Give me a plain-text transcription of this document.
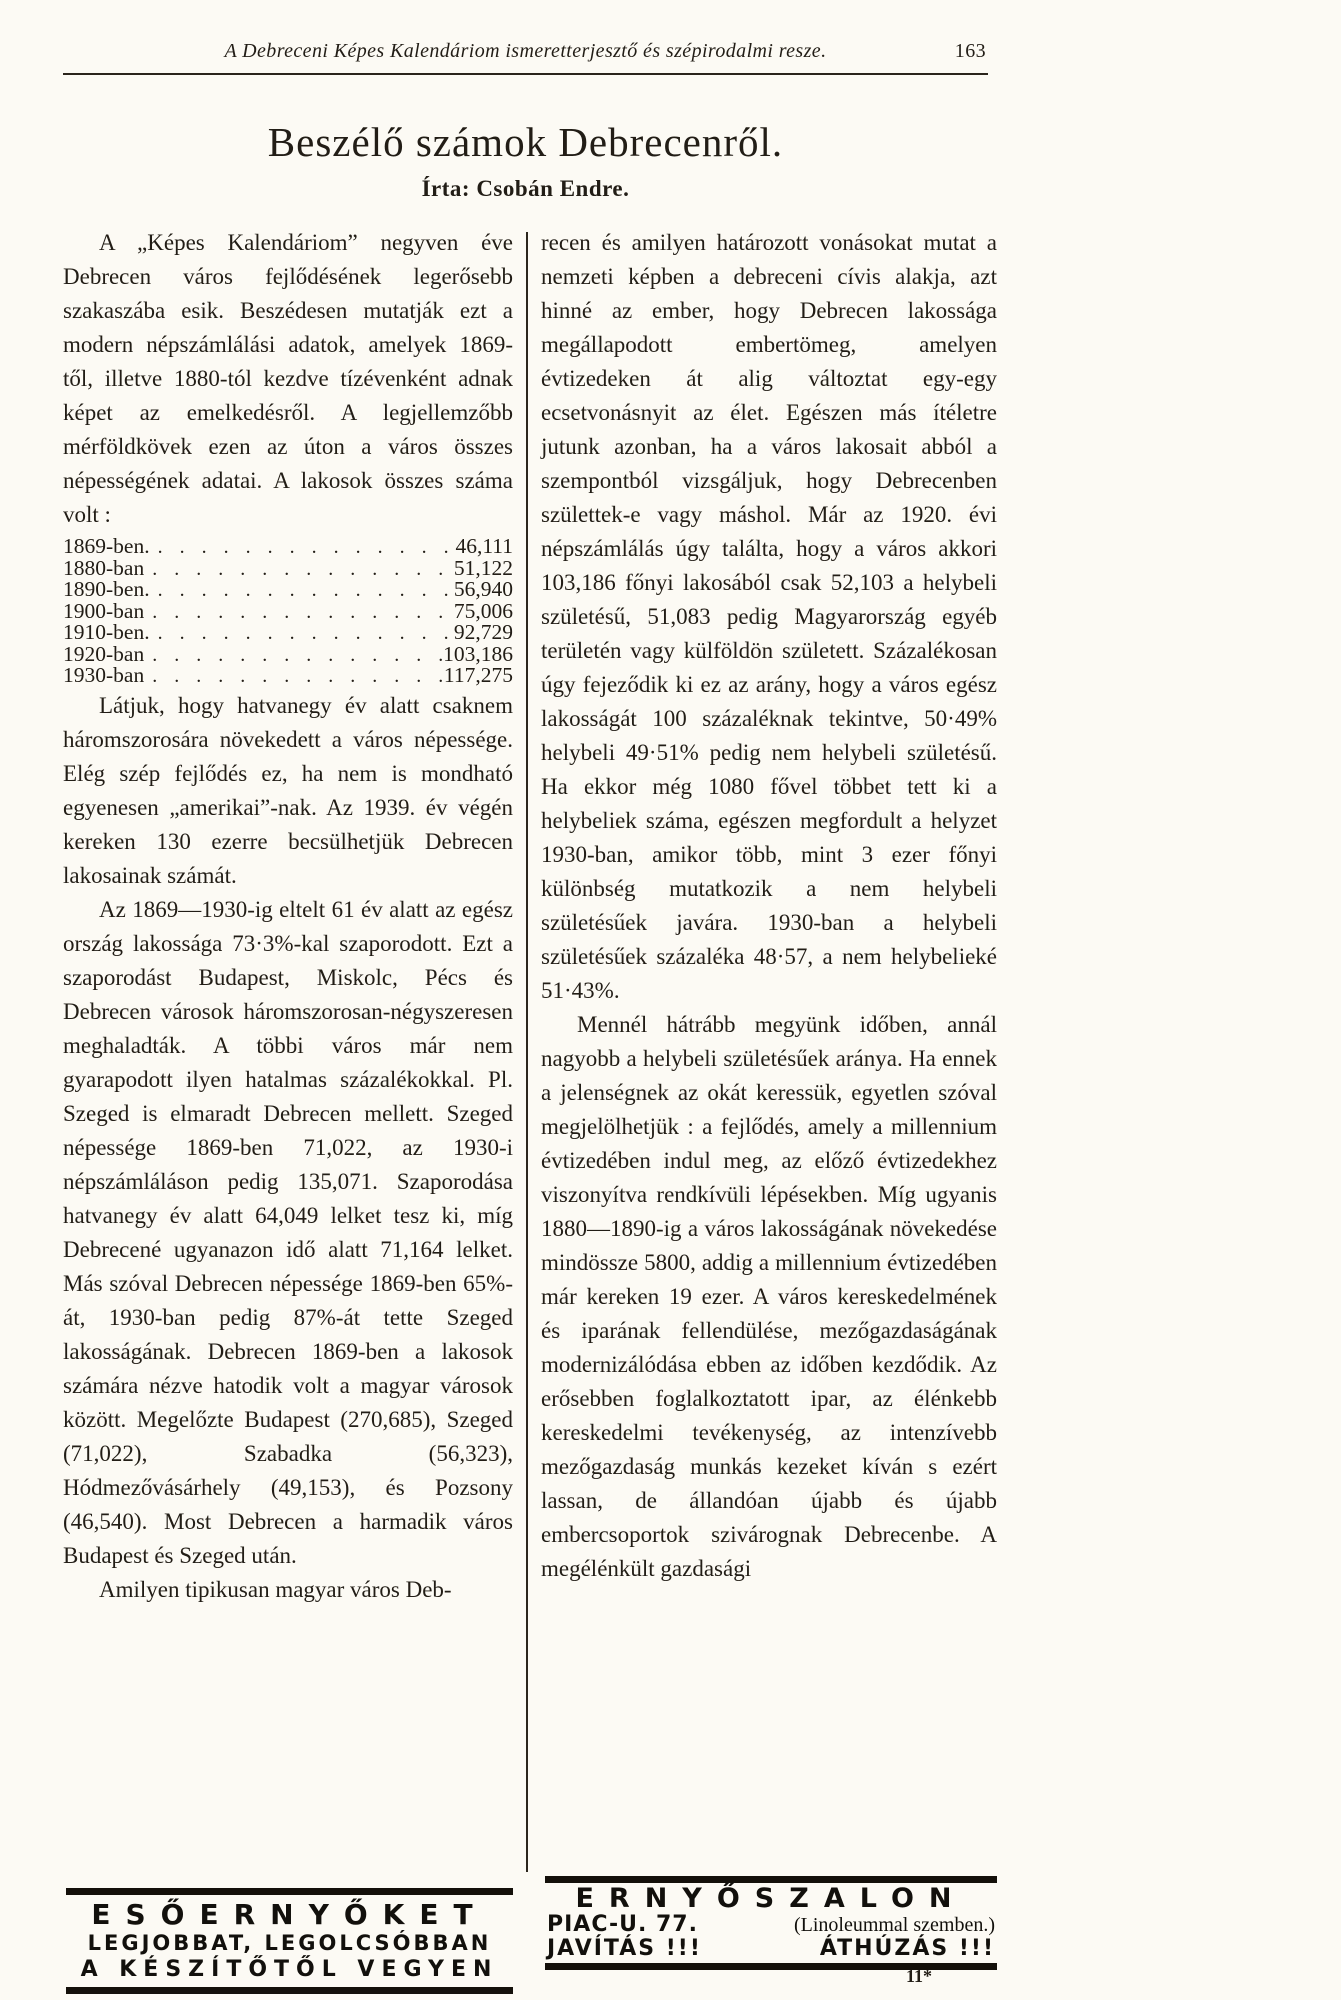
A Debreceni Képes Kalendáriom ismeretterjesztő és szépirodalmi resze.	163
Beszélő számok Debrecenről.
Írta: Csobán Endre.

A „Képes Kalendáriom” negyven éve Debrecen város fejlődésének legerősebb szakaszába esik. Beszédesen mutatják ezt a modern népszámlálási adatok, amelyek 1869-től, illetve 1880-tól kezdve tízévenként adnak képet az emelkedésről. A legjellemzőbb mérföldkövek ezen az úton a város összes népességének adatai. A lakosok összes száma volt :

1869-ben. . . .	46,111
1880-ban . . .	51,122
1890-ben. . . .	56,940
1900-ban . . .	75,006
1910-ben. . . .	92,729
1920-ban . . .	103,186
1930-ban . . .	117,275

Látjuk, hogy hatvanegy év alatt csaknem háromszorosára növekedett a város népessége. Elég szép fejlődés ez, ha nem is mondható egyenesen „amerikai”-nak. Az 1939. év végén kereken 130 ezerre becsülhetjük Debrecen lakosainak számát.

Az 1869—1930-ig eltelt 61 év alatt az egész ország lakossága 73·3%-kal szaporodott. Ezt a szaporodást Budapest, Miskolc, Pécs és Debrecen városok háromszorosan-négyszeresen meghaladták. A többi város már nem gyarapodott ilyen hatalmas százalékokkal. Pl. Szeged is elmaradt Debrecen mellett. Szeged népessége 1869-ben 71,022, az 1930-i népszámláláson pedig 135,071. Szaporodása hatvanegy év alatt 64,049 lelket tesz ki, míg Debrecené ugyanazon idő alatt 71,164 lelket. Más szóval Debrecen népessége 1869-ben 65%-át, 1930-ban pedig 87%-át tette Szeged lakosságának. Debrecen 1869-ben a lakosok számára nézve hatodik volt a magyar városok között. Megelőzte Budapest (270,685), Szeged (71,022), Szabadka (56,323), Hódmezővásárhely (49,153), és Pozsony (46,540). Most Debrecen a harmadik város Budapest és Szeged után.

Amilyen tipikusan magyar város Deb-

recen és amilyen határozott vonásokat mutat a nemzeti képben a debreceni cívis alakja, azt hinné az ember, hogy Debrecen lakossága megállapodott embertömeg, amelyen évtizedeken át alig változtat egy-egy ecsetvonásnyit az élet. Egészen más ítéletre jutunk azonban, ha a város lakosait abból a szempontból vizsgáljuk, hogy Debrecenben születtek-e vagy máshol. Már az 1920. évi népszámlálás úgy találta, hogy a város akkori 103,186 főnyi lakosából csak 52,103 a helybeli születésű, 51,083 pedig Magyarország egyéb területén vagy külföldön született. Százalékosan úgy fejeződik ki ez az arány, hogy a város egész lakosságát 100 százaléknak tekintve, 50·49% helybeli 49·51% pedig nem helybeli születésű. Ha ekkor még 1080 fővel többet tett ki a helybeliek száma, egészen megfordult a helyzet 1930-ban, amikor több, mint 3 ezer főnyi különbség mutatkozik a nem helybeli születésűek javára. 1930-ban a helybeli születésűek százaléka 48·57, a nem helybelieké 51·43%.

Mennél hátrább megyünk időben, annál nagyobb a helybeli születésűek aránya. Ha ennek a jelenségnek az okát keressük, egyetlen szóval megjelölhetjük : a fejlődés, amely a millennium évtizedében indul meg, az előző évtizedekhez viszonyítva rendkívüli lépésekben. Míg ugyanis 1880—1890-ig a város lakosságának növekedése mindössze 5800, addig a millennium évtizedében már kereken 19 ezer. A város kereskedelmének és iparának fellendülése, mezőgazdaságának modernizálódása ebben az időben kezdődik. Az erősebben foglalkoztatott ipar, az élénkebb kereskedelmi tevékenység, az intenzívebb mezőgazdaság munkás kezeket kíván s ezért lassan, de állandóan újabb és újabb embercsoportok szivárognak Debrecenbe. A megélénkült gazdasági

ESŐERNYŐKET
LEGJOBBAT, LEGOLCSÓBBAN
A KÉSZÍTŐTŐL VEGYEN
ERNYŐSZALON
PIAC-U. 77.	(Linoleummal szemben.)
JAVÍTÁS !!!	ÁTHÚZÁS !!!
11*
